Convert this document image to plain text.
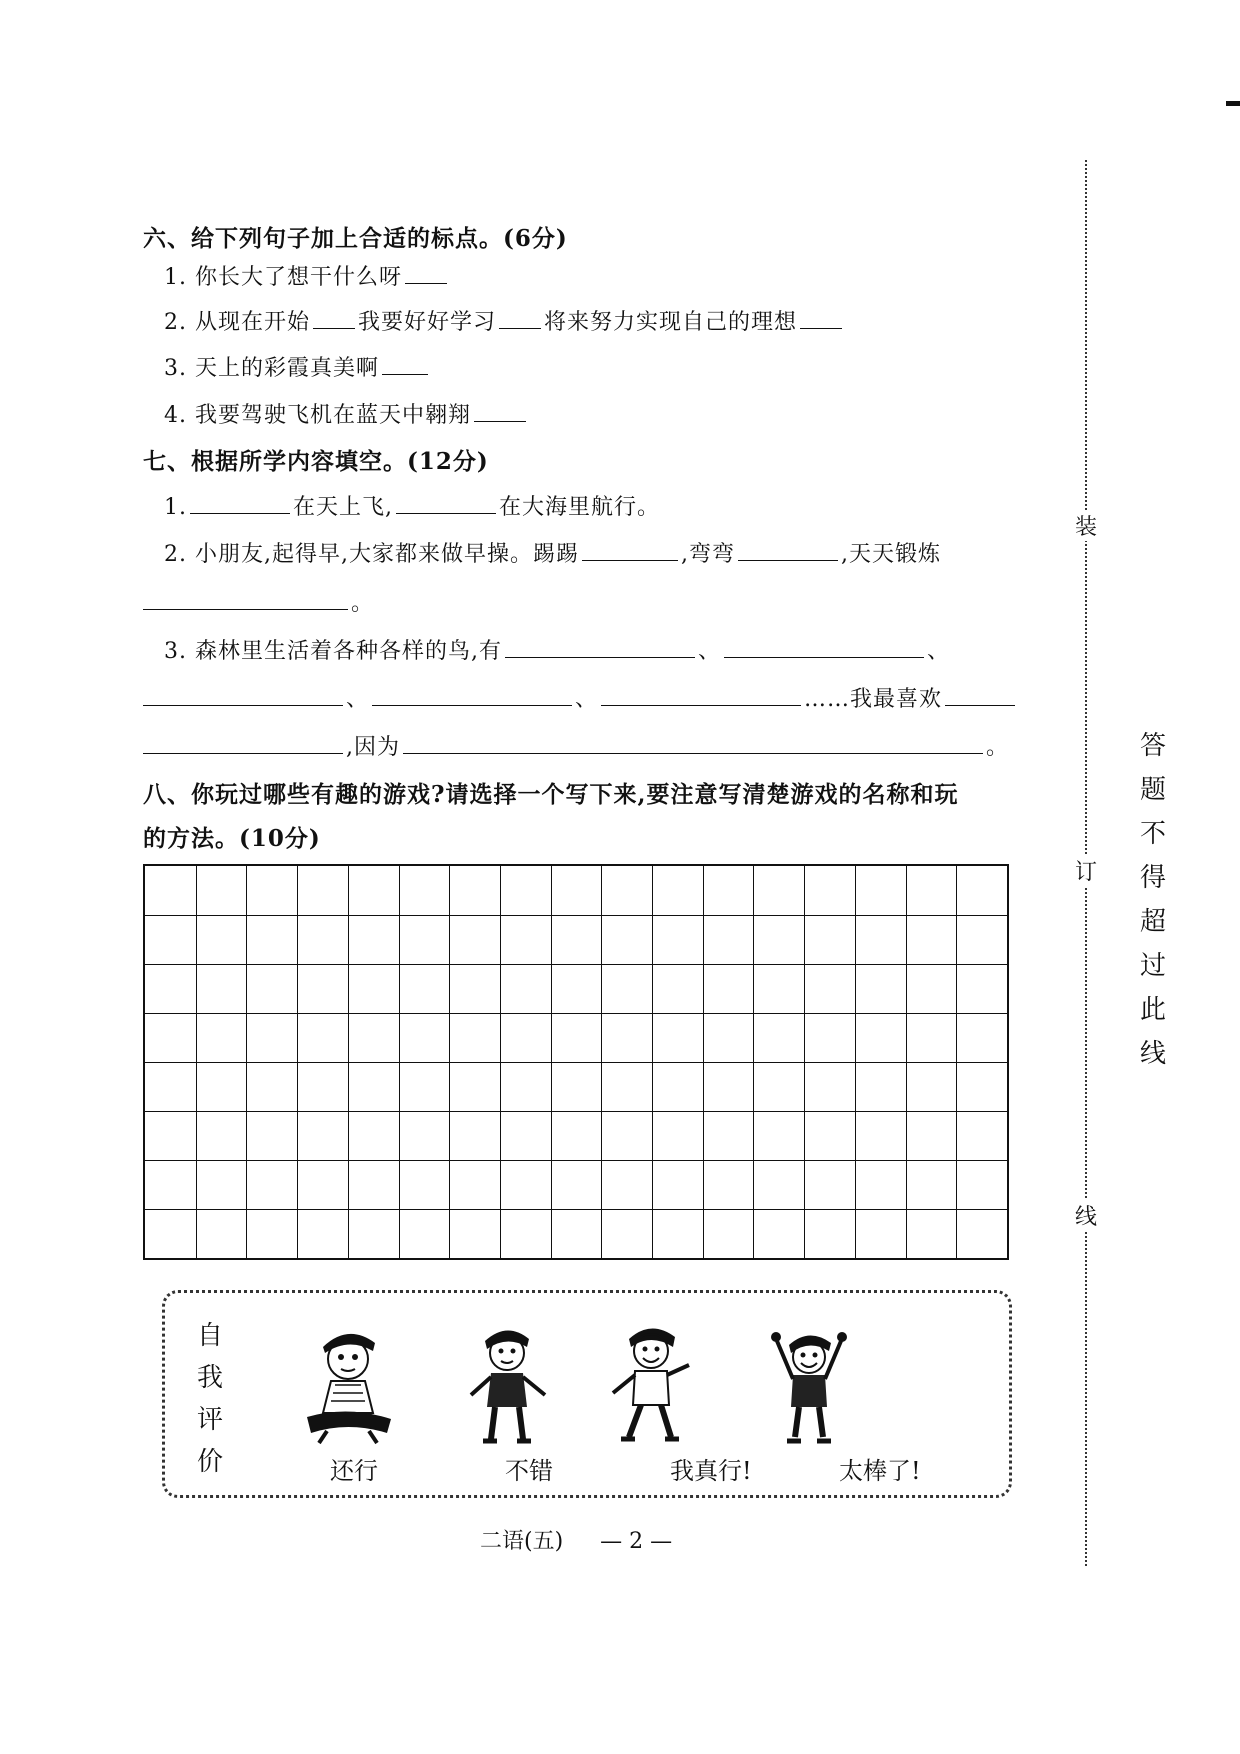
六、给下列句子加上合适的标点。(6分)
1. 你长大了想干什么呀
2. 从现在开始 我要好好学习 将来努力实现自己的理想
3. 天上的彩霞真美啊
4. 我要驾驶飞机在蓝天中翱翔
七、根据所学内容填空。(12分)
1.	在天上飞,	在大海里航行。
2. 小朋友,起得早,大家都来做早操。踢踢	,弯弯	,天天锻炼
。
3. 森林里生活着各种各样的鸟,有	、	、
、	、	……我最喜欢
,因为	。
八、你玩过哪些有趣的游戏?请选择一个写下来,要注意写清楚游戏的名称和玩
的方法。(10分)
自
我
评
价	还行	不错	我真行!	太棒了!
二语(五) — 2 —
装
订
线
答
题
不
得
超
过
此
线
